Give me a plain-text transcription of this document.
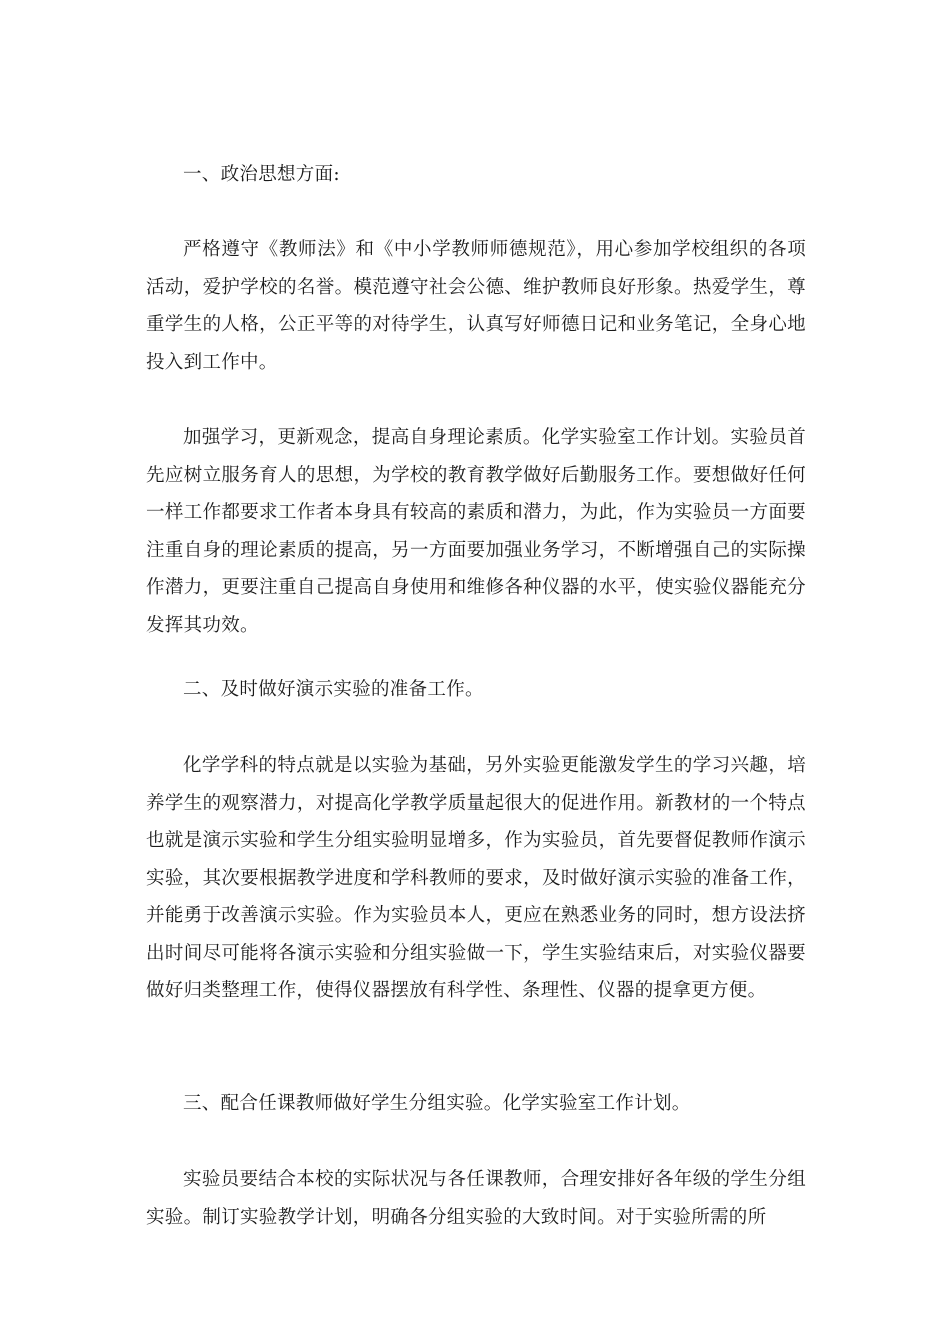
一、政治思想方面:

严格遵守《教师法》和《中小学教师师德规范》，用心参加学校组织的各项活动，爱护学校的名誉。模范遵守社会公德、维护教师良好形象。热爱学生，尊重学生的人格，公正平等的对待学生，认真写好师德日记和业务笔记，全身心地投入到工作中。

加强学习，更新观念，提高自身理论素质。化学实验室工作计划。实验员首先应树立服务育人的思想，为学校的教育教学做好后勤服务工作。要想做好任何一样工作都要求工作者本身具有较高的素质和潜力，为此，作为实验员一方面要注重自身的理论素质的提高，另一方面要加强业务学习，不断增强自己的实际操作潜力，更要注重自己提高自身使用和维修各种仪器的水平，使实验仪器能充分发挥其功效。

二、及时做好演示实验的准备工作。

化学学科的特点就是以实验为基础，另外实验更能激发学生的学习兴趣，培养学生的观察潜力，对提高化学教学质量起很大的促进作用。新教材的一个特点也就是演示实验和学生分组实验明显增多，作为实验员，首先要督促教师作演示实验，其次要根据教学进度和学科教师的要求，及时做好演示实验的准备工作，并能勇于改善演示实验。作为实验员本人，更应在熟悉业务的同时，想方设法挤出时间尽可能将各演示实验和分组实验做一下，学生实验结束后，对实验仪器要做好归类整理工作，使得仪器摆放有科学性、条理性、仪器的提拿更方便。

三、配合任课教师做好学生分组实验。化学实验室工作计划。

实验员要结合本校的实际状况与各任课教师，合理安排好各年级的学生分组实验。制订实验教学计划，明确各分组实验的大致时间。对于实验所需的所
